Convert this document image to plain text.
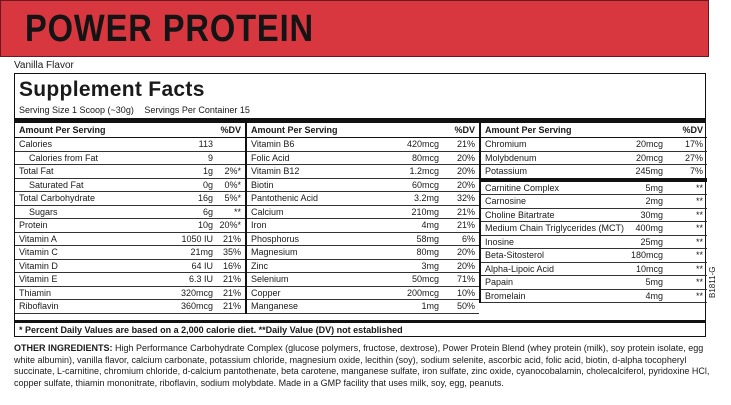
POWER PROTEIN
Vanilla Flavor
Supplement Facts
Serving Size 1 Scoop (~30g) Servings Per Container 15
Amount Per Serving	%DV
Calories	113
Calories from Fat	9
Total Fat	1g 2%*
Saturated Fat	0g 0%*
Total Carbohydrate	16g 5%*
Sugars	6g **
Protein	10g 20%*
Vitamin A	1050 IU 21%
Vitamin C	21mg 35%
Vitamin D	64 IU 16%
Vitamin E	6.3 IU 21%
Thiamin	320mcg 21%
Riboflavin	360mcg 21%
Amount Per Serving	%DV
Vitamin B6	420mcg 21%
Folic Acid	80mcg 20%
Vitamin B12	1.2mcg 20%
Biotin	60mcg 20%
Pantothenic Acid	3.2mg 32%
Calcium	210mg 21%
Iron	4mg 21%
Phosphorus	58mg	6%
Magnesium	80mg 20%
Zinc	3mg 20%
Selenium	50mcg 71%
Copper	200mcg 10%
Manganese	1mg 50%
Amount Per Serving	%DV
Chromium	20mcg 17%
Molybdenum	20mcg 27%
Potassium	245mg	7%
Carnitine Complex	5mg	**
Carnosine	2mg	**
Choline Bitartrate	30mg	**
Medium Chain Triglycerides (MCT) 400mg	**
Inosine	25mg	**
Beta-Sitosterol	180mcg	**
Alpha-Lipoic Acid	10mcg	**
Papain	5mg	**
Bromelain	4mg	**
* Percent Daily Values are based on a 2,000 calorie diet. **Daily Value (DV) not established
B1811-G
OTHER INGREDIENTS: High Performance Carbohydrate Complex (glucose polymers, fructose, dextrose), Power Protein Blend (whey protein (milk), soy protein isolate, egg white albumin), vanilla flavor, calcium carbonate, potassium chloride, magnesium oxide, lecithin (soy), sodium selenite, ascorbic acid, folic acid, biotin, d-alpha tocopheryl succinate, L-carnitine, chromium chloride, d-calcium pantothenate, beta carotene, manganese sulfate, iron sulfate, zinc oxide, cyanocobalamin, cholecalciferol, pyridoxine HCl, copper sulfate, thiamin mononitrate, riboflavin, sodium molybdate. Made in a GMP facility that uses milk, soy, egg, peanuts.
